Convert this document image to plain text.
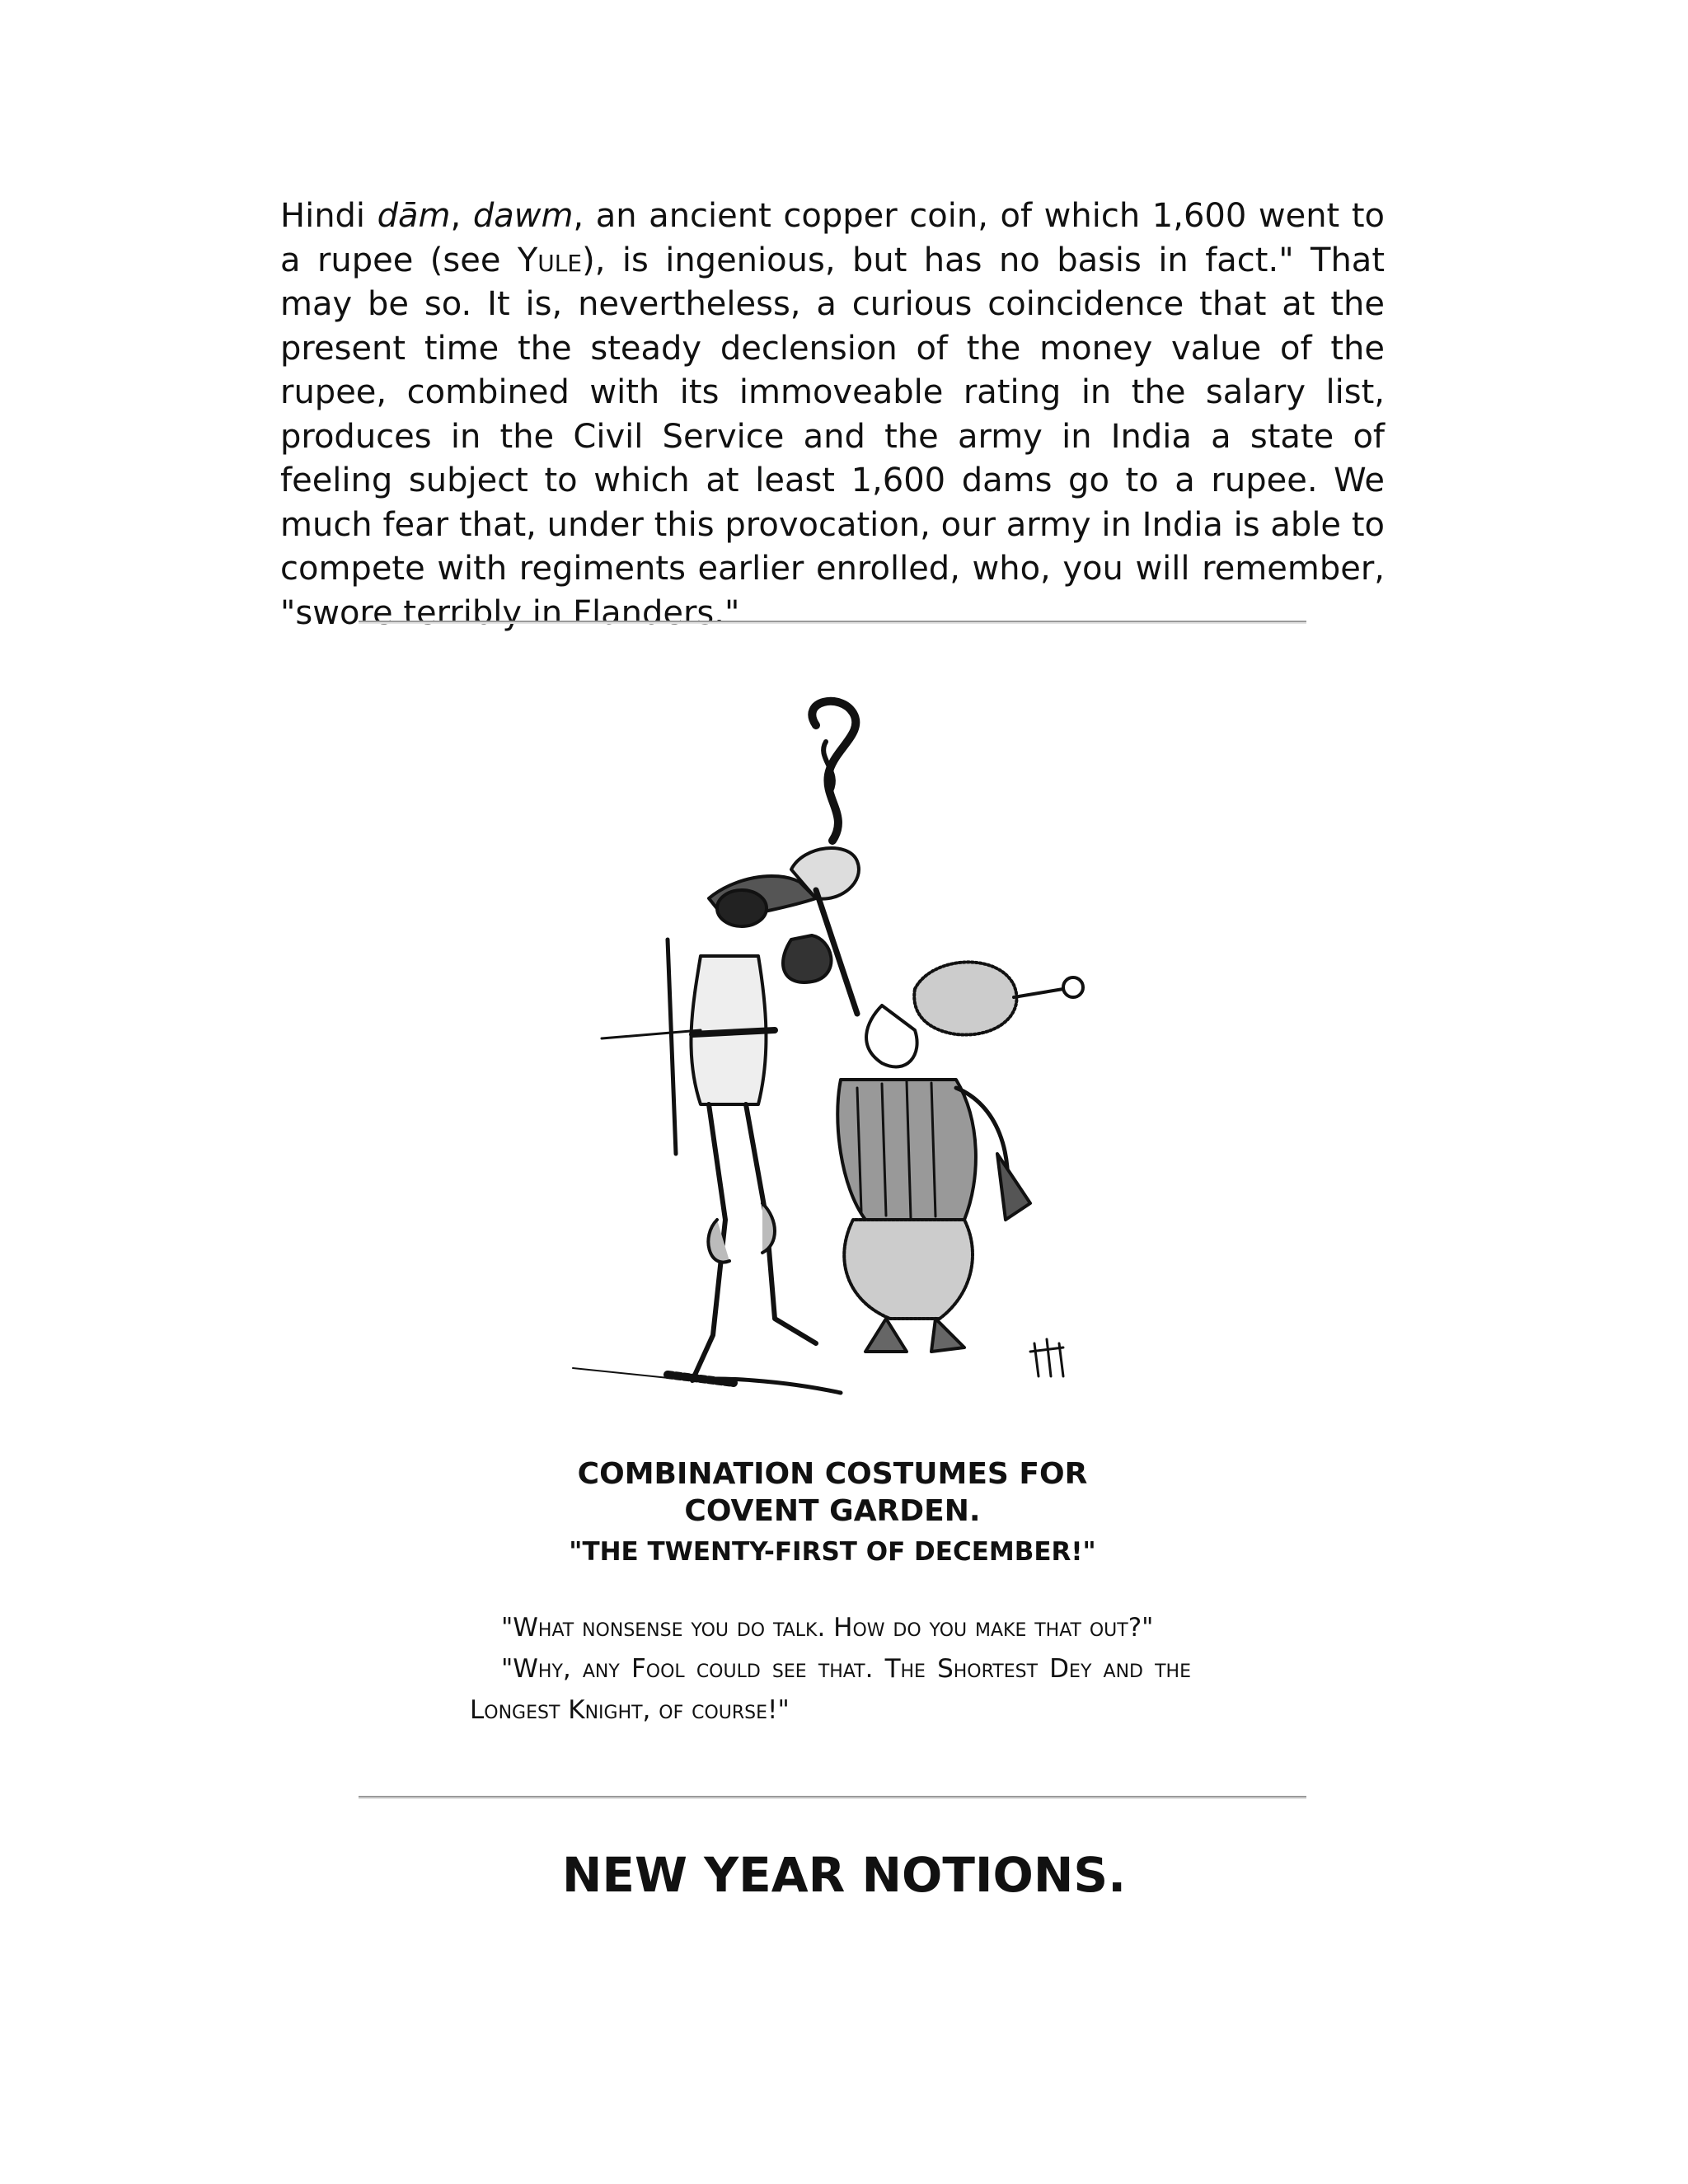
Hindi dām, dawm, an ancient copper coin, of which 1,600 went to a rupee (see Yule), is ingenious, but has no basis in fact." That may be so. It is, nevertheless, a curious coincidence that at the present time the steady declension of the money value of the rupee, combined with its immoveable rating in the salary list, produces in the Civil Service and the army in India a state of feeling subject to which at least 1,600 dams go to a rupee. We much fear that, under this provocation, our army in India is able to compete with regiments earlier enrolled, who, you will remember, "swore terribly in Flanders."

COMBINATION COSTUMES FOR COVENT GARDEN.
"THE TWENTY-FIRST OF DECEMBER!"

"What nonsense you do talk. How do you make that out?"

"Why, any Fool could see that. The Shortest Dey and the Longest Knight, of course!"

NEW YEAR NOTIONS.
